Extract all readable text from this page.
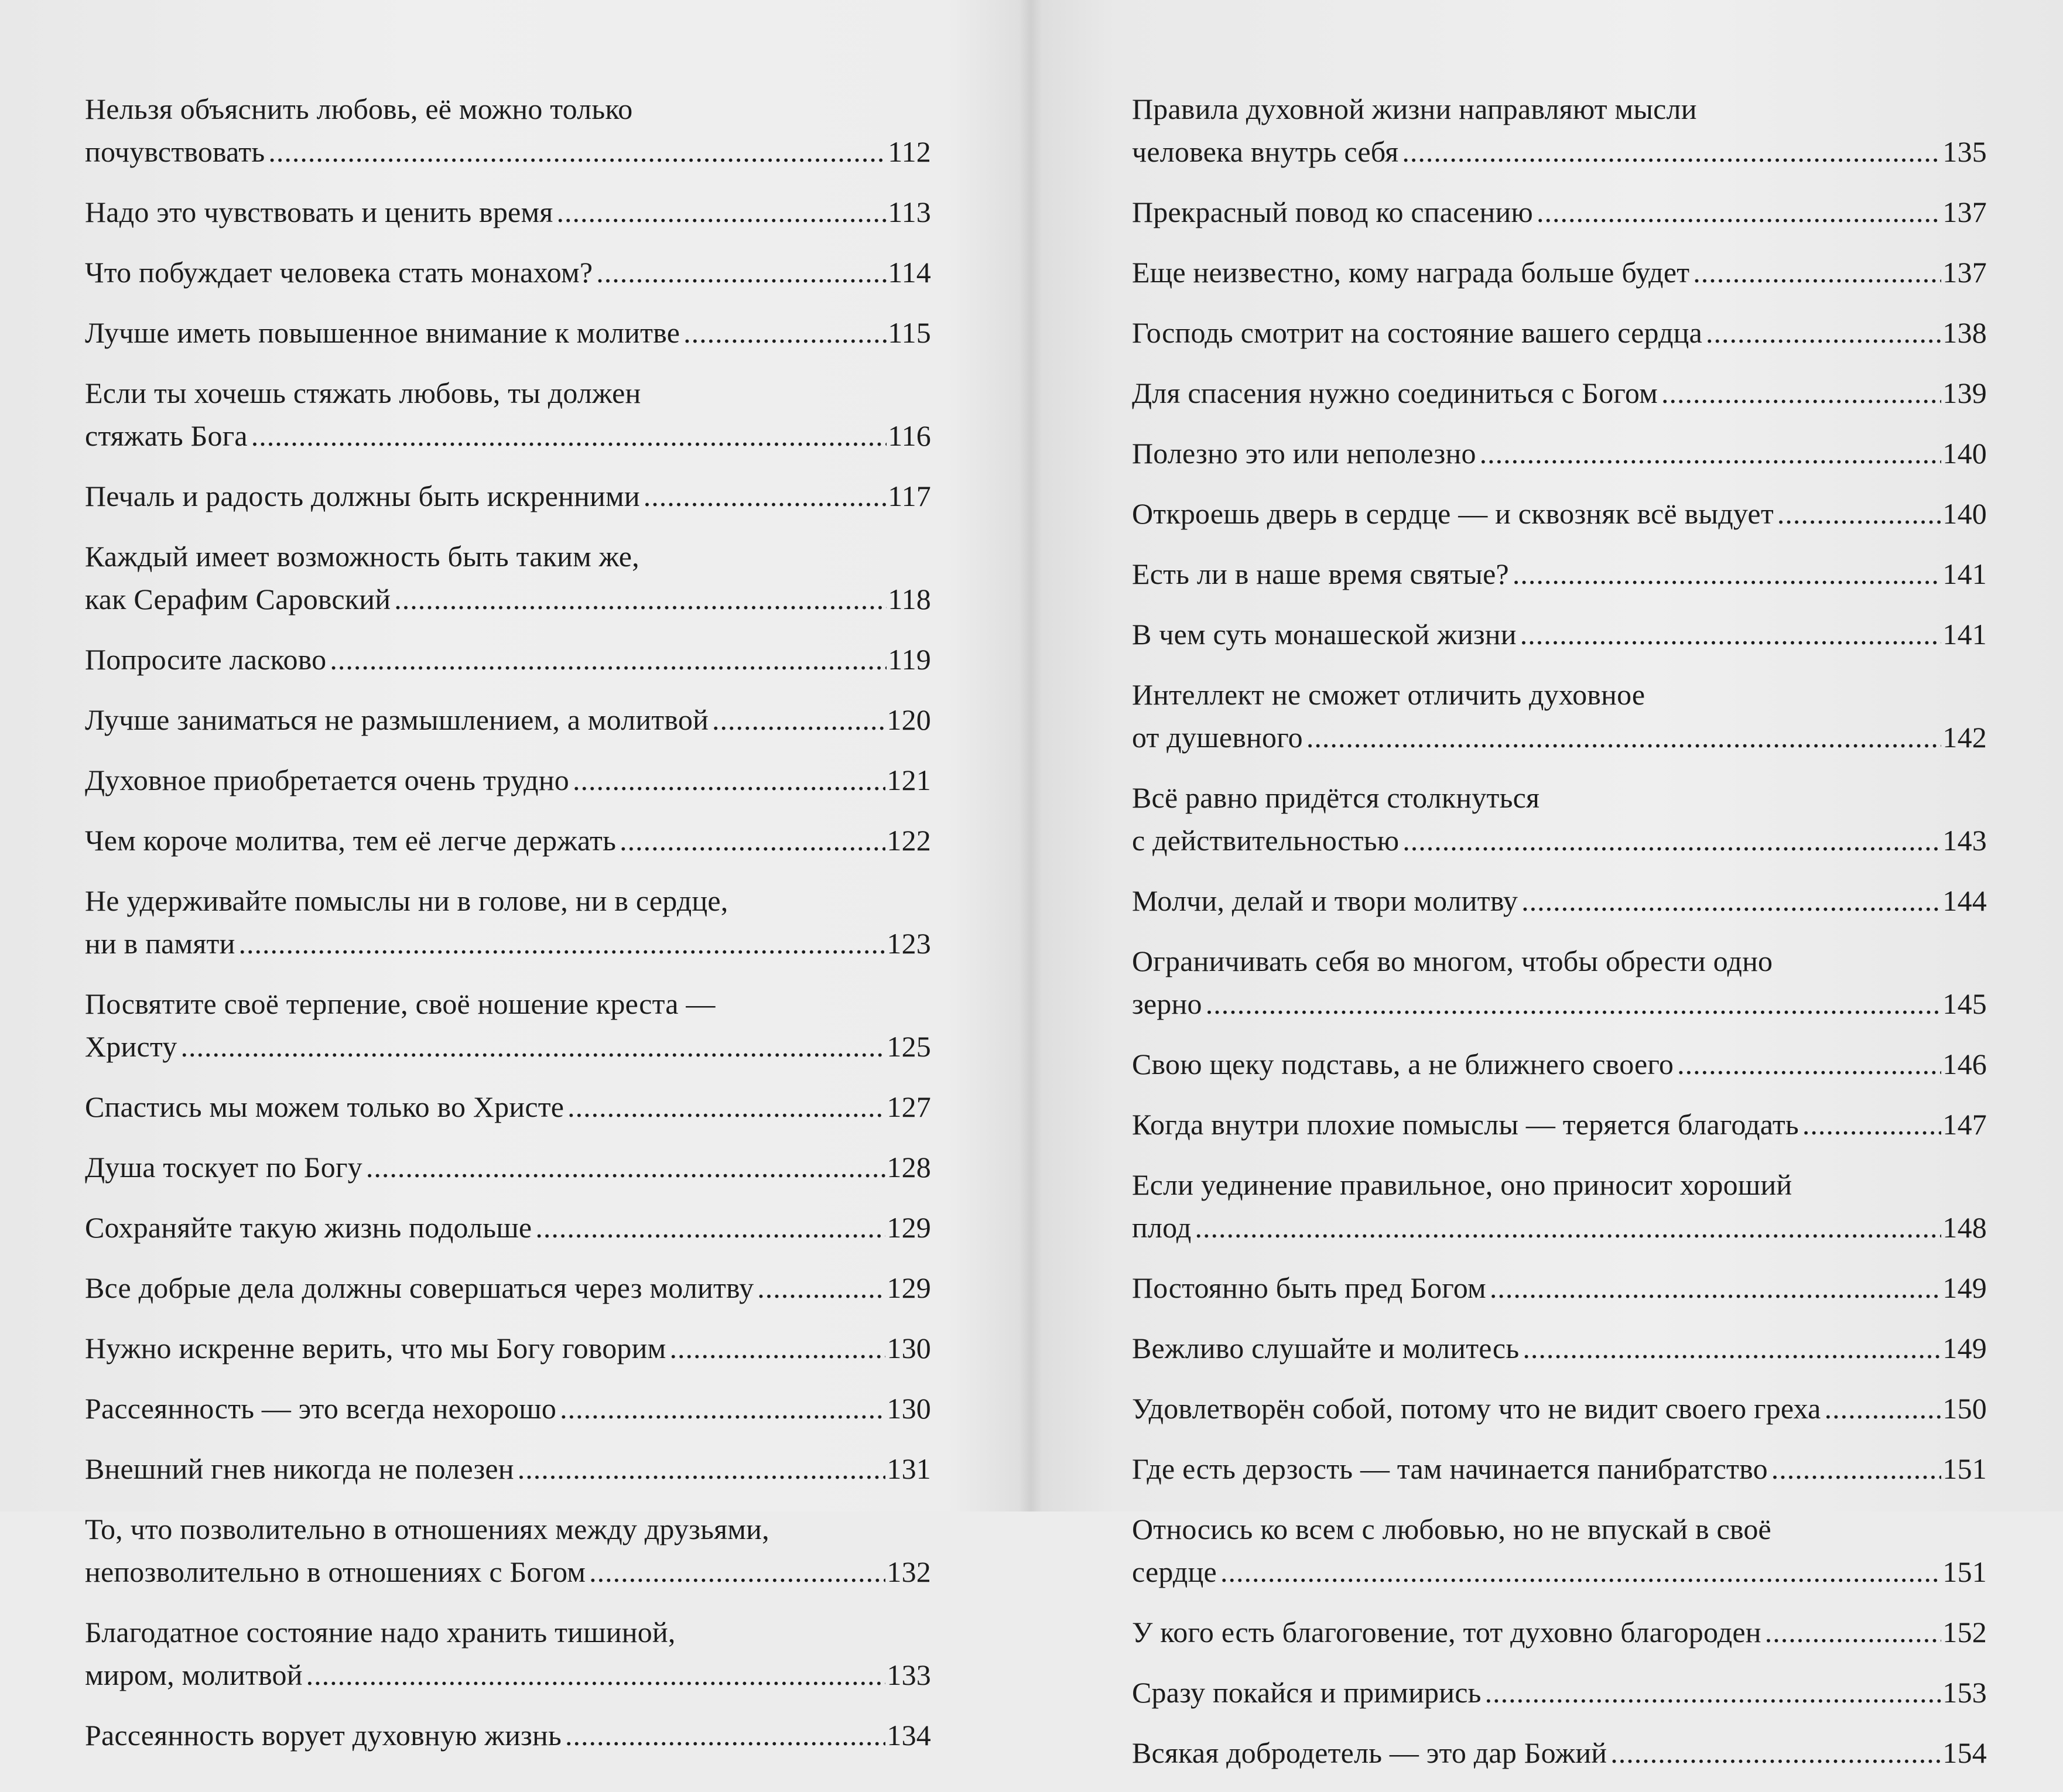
Нельзя объяснить любовь, её можно только
почувствовать .....	112
Надо это чувствовать и ценить время .....	113
Что побуждает человека стать монахом? .....	114
Лучше иметь повышенное внимание к молитве .....	115
Если ты хочешь стяжать любовь, ты должен
стяжать Бога .....	116
Печаль и радость должны быть искренними .....	117
Каждый имеет возможность быть таким же,
как Серафим Саровский .....	118
Попросите ласково .....	119
Лучше заниматься не размышлением, а молитвой .....	120
Духовное приобретается очень трудно .....	121
Чем короче молитва, тем её легче держать .....	122
Не удерживайте помыслы ни в голове, ни в сердце,
ни в памяти .....	123
Посвятите своё терпение, своё ношение креста —
Христу .....	125
Спастись мы можем только во Христе .....	127
Душа тоскует по Богу .....	128
Сохраняйте такую жизнь подольше .....	129
Все добрые дела должны совершаться через молитву .....	129
Нужно искренне верить, что мы Богу говорим .....	130
Рассеянность — это всегда нехорошо .....	130
Внешний гнев никогда не полезен .....	131
То, что позволительно в отношениях между друзьями,
непозволительно в отношениях с Богом .....	132
Благодатное состояние надо хранить тишиной,
миром, молитвой .....	133
Рассеянность ворует духовную жизнь .....	134
Правила духовной жизни направляют мысли
человека внутрь себя .....	135
Прекрасный повод ко спасению .....	137
Еще неизвестно, кому награда больше будет .....	137
Господь смотрит на состояние вашего сердца .....	138
Для спасения нужно соединиться с Богом .....	139
Полезно это или неполезно .....	140
Откроешь дверь в сердце — и сквозняк всё выдует .....	140
Есть ли в наше время святые? .....	141
В чем суть монашеской жизни .....	141
Интеллект не сможет отличить духовное
от душевного .....	142
Всё равно придётся столкнуться
с действительностью .....	143
Молчи, делай и твори молитву .....	144
Ограничивать себя во многом, чтобы обрести одно
зерно .....	145
Свою щеку подставь, а не ближнего своего .....	146
Когда внутри плохие помыслы — теряется благодать .....	147
Если уединение правильное, оно приносит хороший
плод .....	148
Постоянно быть пред Богом .....	149
Вежливо слушайте и молитесь .....	149
Удовлетворён собой, потому что не видит своего греха .....	150
Где есть дерзость — там начинается панибратство .....	151
Относись ко всем с любовью, но не впускай в своё
сердце .....	151
У кого есть благоговение, тот духовно благороден .....	152
Сразу покайся и примирись .....	153
Всякая добродетель — это дар Божий .....	154
